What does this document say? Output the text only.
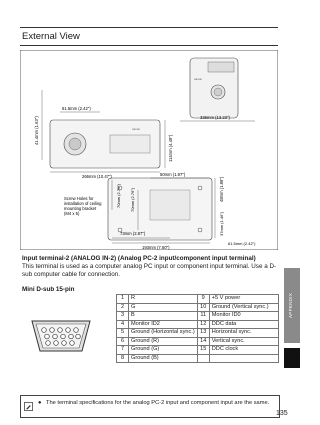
External View
canon
canon
336mm (13.23")
41.4mm (1.63")
61.5mm (2.42")
114mm (4.49")
266mm (10.47")	50mm (1.97")
48mm (1.89")
70mm (2.76") 70mm (2.76")
37mm (1.46")
73mm (2.87")
193mm (7.60")
61.5mm (2.42")
Screw Holes for
installation of ceiling
mounting bracket
(M4 x 5)
Input terminal-2 (ANALOG IN-2) (Analog PC-2 input/component input terminal)
This terminal is used as a computer analog PC input or component input terminal. Use a D-sub computer cable for connection.
Mini D-sub 15-pin
1	R	9	+5 V power
2	G	10	Ground (Vertical sync.)
3	B	11	Monitor ID0
4	Monitor ID2	12	DDC data
5	Ground (Horizontal sync.)	13	Horizontal sync.
6	Ground (R)	14	Vertical sync.
7	Ground (G)	15	DDC clock
8	Ground (B)		
● The terminal specifications for the analog PC-2 input and component input are the same.
APPENDIX
135
